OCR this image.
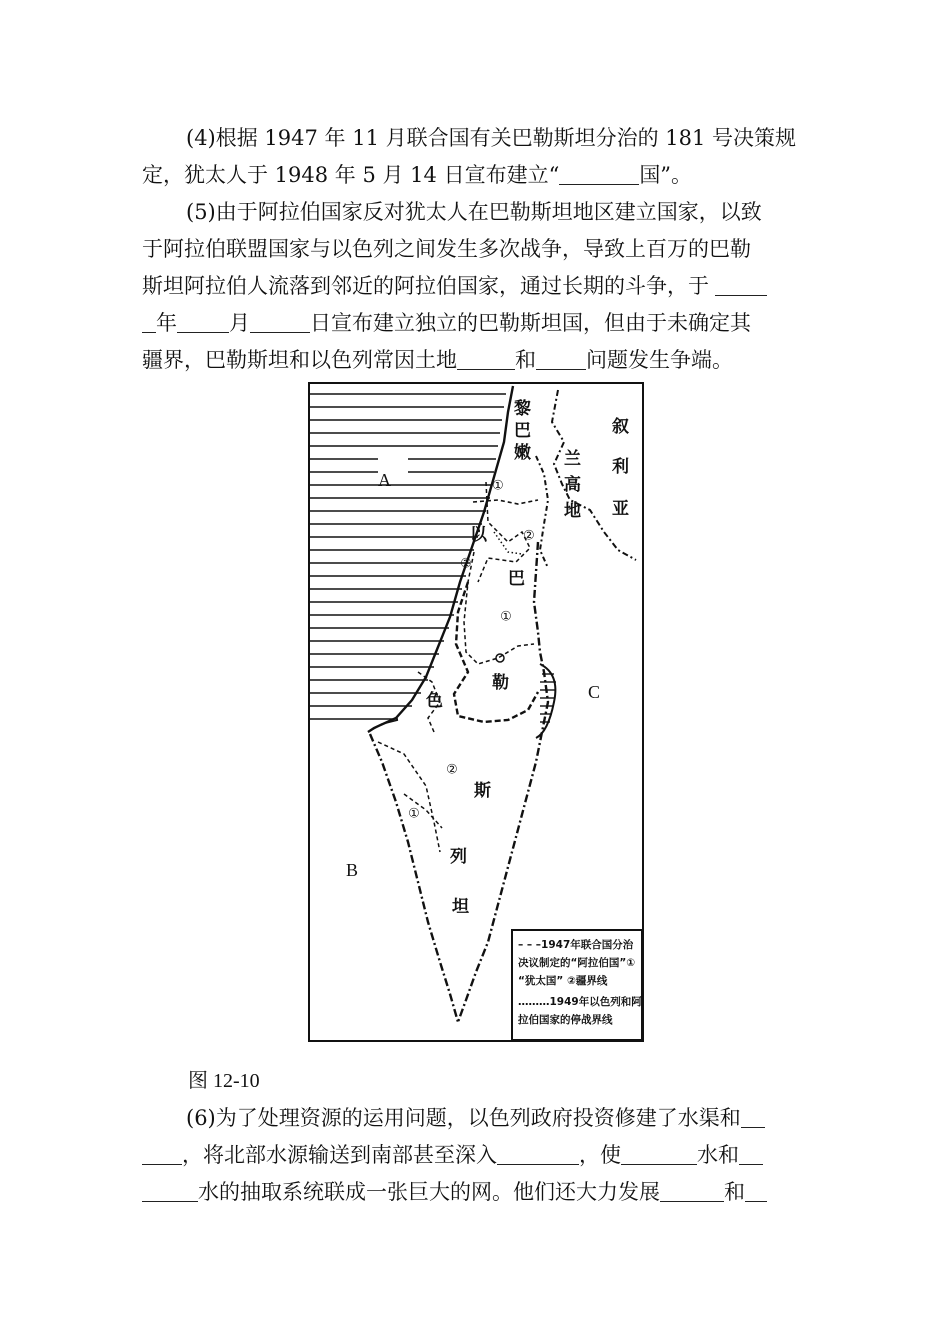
(4)根据 1947 年 11 月联合国有关巴勒斯坦分治的 181 号决策规
定，犹太人于 1948 年 5 月 14 日宣布建立“	国”。
(5)由于阿拉伯国家反对犹太人在巴勒斯坦地区建立国家，以致
于阿拉伯联盟国家与以色列之间发生多次战争，导致上百万的巴勒
斯坦阿拉伯人流落到邻近的阿拉伯国家，通过长期的斗争，于
年 月	日宣布建立独立的巴勒斯坦国，但由于未确定其
疆界，巴勒斯坦和以色列常因土地	和 问题发生争端。
A
B
C
黎
巴
嫩 兰
高
地
叙
利
亚
以
色
列
巴
勒
斯
坦
①
②
②
①
②
①
– – –1947年联合国分治
决议制定的“阿拉伯国”①
“犹太国” ②疆界线
………1949年以色列和阿
拉伯国家的停战界线
图 12-10
(6)为了处理资源的运用问题，以色列政府投资修建了水渠和
，将北部水源输送到南部甚至深入	，使	水和
水的抽取系统联成一张巨大的网。他们还大力发展	和
